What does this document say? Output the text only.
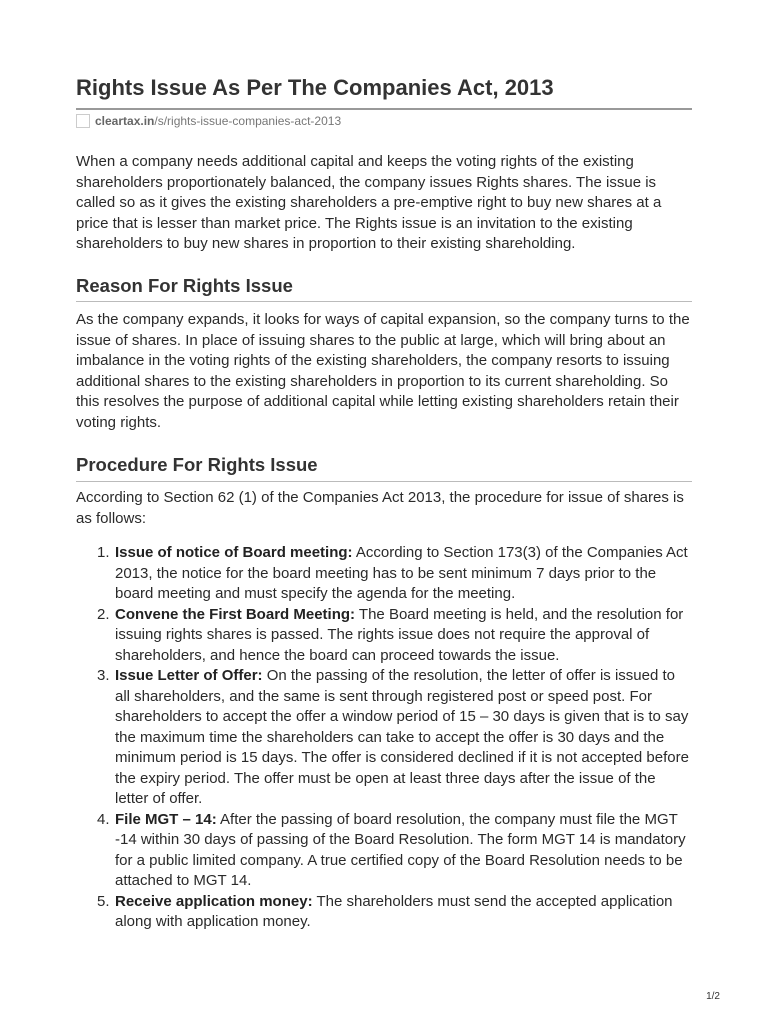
Rights Issue As Per The Companies Act, 2013
cleartax.in /s/rights-issue-companies-act-2013

When a company needs additional capital and keeps the voting rights of the existing shareholders proportionately balanced, the company issues Rights shares. The issue is called so as it gives the existing shareholders a pre-emptive right to buy new shares at a price that is lesser than market price. The Rights issue is an invitation to the existing shareholders to buy new shares in proportion to their existing shareholding.

Reason For Rights Issue

As the company expands, it looks for ways of capital expansion, so the company turns to the issue of shares. In place of issuing shares to the public at large, which will bring about an imbalance in the voting rights of the existing shareholders, the company resorts to issuing additional shares to the existing shareholders in proportion to its current shareholding. So this resolves the purpose of additional capital while letting existing shareholders retain their voting rights.

Procedure For Rights Issue

According to Section 62 (1) of the Companies Act 2013, the procedure for issue of shares is as follows:

1. Issue of notice of Board meeting: According to Section 173(3) of the Companies Act 2013, the notice for the board meeting has to be sent minimum 7 days prior to the board meeting and must specify the agenda for the meeting.
2. Convene the First Board Meeting: The Board meeting is held, and the resolution for issuing rights shares is passed. The rights issue does not require the approval of shareholders, and hence the board can proceed towards the issue.
3. Issue Letter of Offer: On the passing of the resolution, the letter of offer is issued to all shareholders, and the same is sent through registered post or speed post. For shareholders to accept the offer a window period of 15 – 30 days is given that is to say the maximum time the shareholders can take to accept the offer is 30 days and the minimum period is 15 days. The offer is considered declined if it is not accepted before the expiry period. The offer must be open at least three days after the issue of the letter of offer.
4. File MGT – 14: After the passing of board resolution, the company must file the MGT -14 within 30 days of passing of the Board Resolution. The form MGT 14 is mandatory for a public limited company. A true certified copy of the Board Resolution needs to be attached to MGT 14.
5. Receive application money: The shareholders must send the accepted application along with application money.
1/2
